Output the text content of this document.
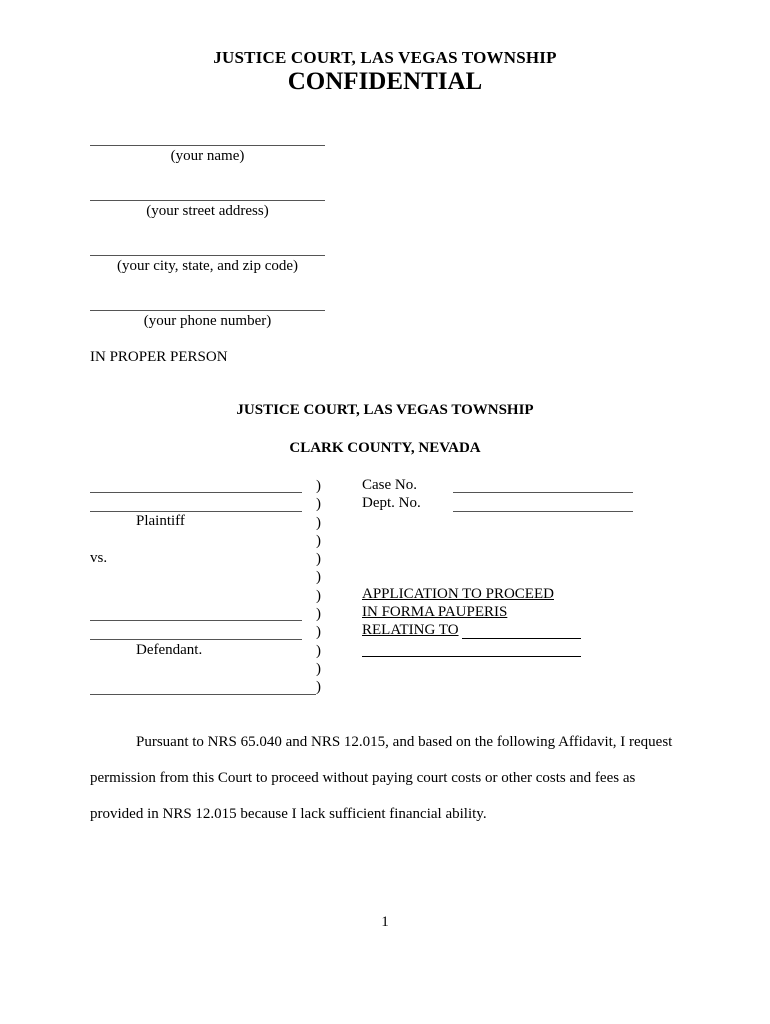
JUSTICE COURT, LAS VEGAS TOWNSHIP
CONFIDENTIAL
(your name)
(your street address)
(your city, state, and zip code)
(your phone number)
IN PROPER PERSON
JUSTICE COURT, LAS VEGAS TOWNSHIP
CLARK COUNTY, NEVADA
Plaintiff
vs.
Defendant.
)
)
)
)
)
)
)
)
)
)
)
)
Case No.
Dept. No.
APPLICATION TO PROCEED
IN FORMA PAUPERIS
RELATING TO
Pursuant to NRS 65.040 and NRS 12.015, and based on the following Affidavit, I request
permission from this Court to proceed without paying court costs or other costs and fees as
provided in NRS 12.015 because I lack sufficient financial ability.
1
